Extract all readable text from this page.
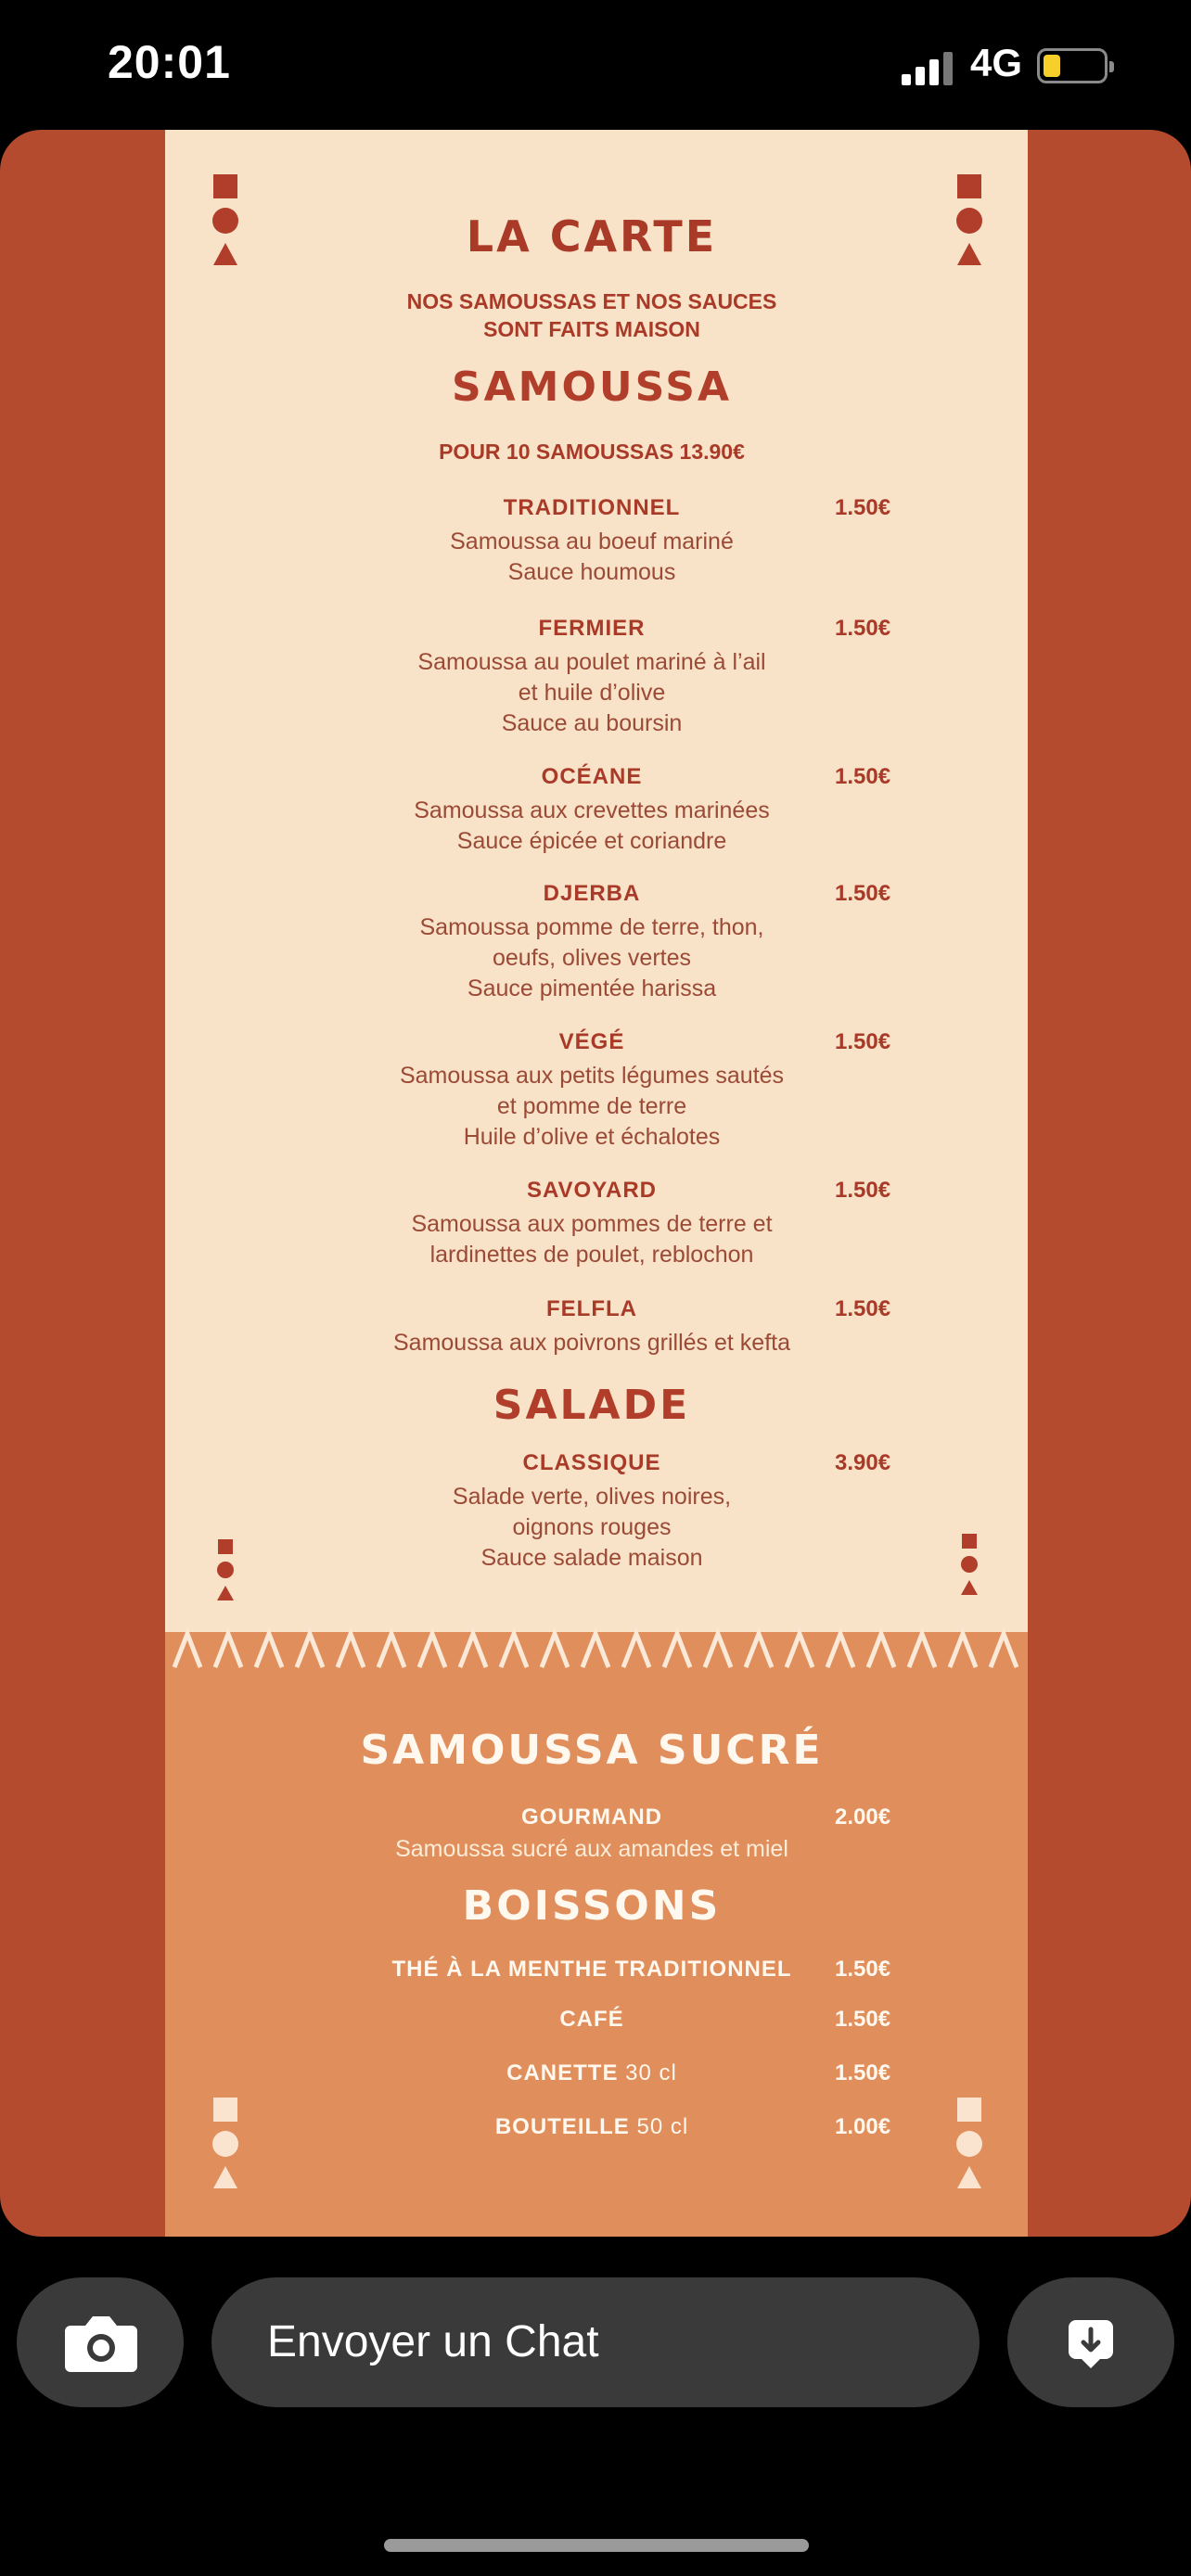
20:01	4G
LA CARTE
NOS SAMOUSSAS ET NOS SAUCES
SONT FAITS MAISON
SAMOUSSA
POUR 10 SAMOUSSAS 13.90€
TRADITIONNEL	1.50€
Samoussa au boeuf mariné
Sauce houmous
FERMIER	1.50€
Samoussa au poulet mariné à l’ail
et huile d’olive
Sauce au boursin
OCÉANE	1.50€
Samoussa aux crevettes marinées
Sauce épicée et coriandre
DJERBA	1.50€
Samoussa pomme de terre, thon,
oeufs, olives vertes
Sauce pimentée harissa
VÉGÉ	1.50€
Samoussa aux petits légumes sautés
et pomme de terre
Huile d’olive et échalotes
SAVOYARD	1.50€
Samoussa aux pommes de terre et
lardinettes de poulet, reblochon
FELFLA	1.50€
Samoussa aux poivrons grillés et kefta
SALADE
CLASSIQUE	3.90€
Salade verte, olives noires,
oignons rouges
Sauce salade maison
SAMOUSSA SUCRÉ
GOURMAND	2.00€
Samoussa sucré aux amandes et miel
BOISSONS
THÉ À LA MENTHE TRADITIONNEL	1.50€
CAFÉ	1.50€
CANETTE 30 cl	1.50€
BOUTEILLE 50 cl	1.00€
Envoyer un Chat
